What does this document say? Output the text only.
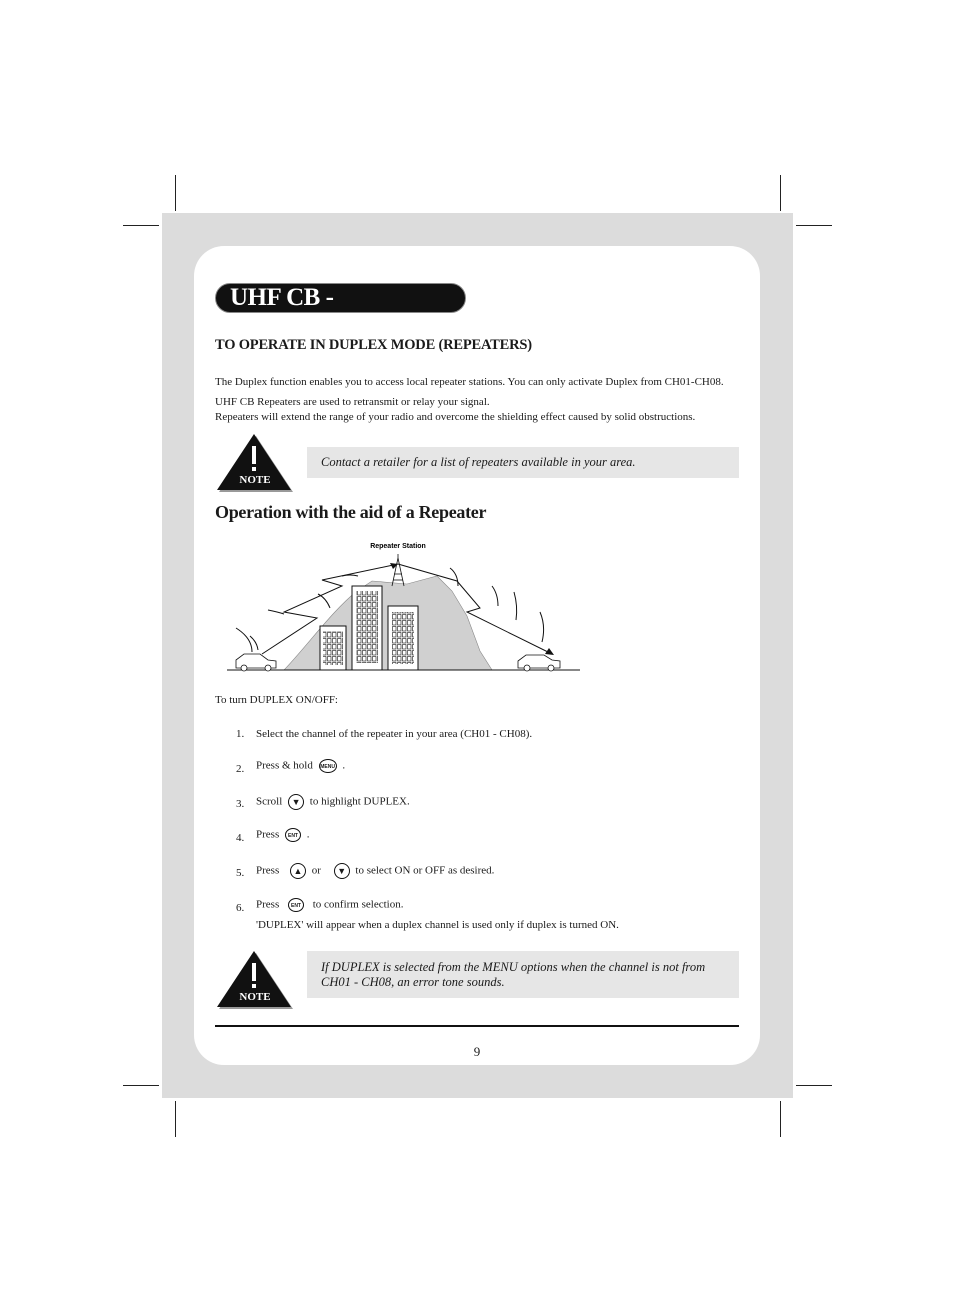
UHF CB - OPERATION
TO OPERATE IN DUPLEX MODE (REPEATERS)
The Duplex function enables you to access local repeater stations. You can only activate Duplex from CH01-CH08.
UHF CB Repeaters are used to retransmit or relay your signal.
Repeaters will extend the range of your radio and overcome the shielding effect caused by solid obstructions.
NOTE
Contact a retailer for a list of repeaters available in your area.
Operation with the aid of a Repeater
Repeater Station
To turn DUPLEX ON/OFF:
1. Select the channel of the repeater in your area (CH01 - CH08).
2. Press & hold MENU .
3. Scroll ▼ to highlight DUPLEX.
4. Press ENT .
5. Press ▲ or ▼ to select ON or OFF as desired.
6. Press ENT to confirm selection.
'DUPLEX' will appear when a duplex channel is used only if duplex is turned ON.
NOTE
If DUPLEX is selected from the MENU options when the channel is not from
CH01 - CH08, an error tone sounds.
9
